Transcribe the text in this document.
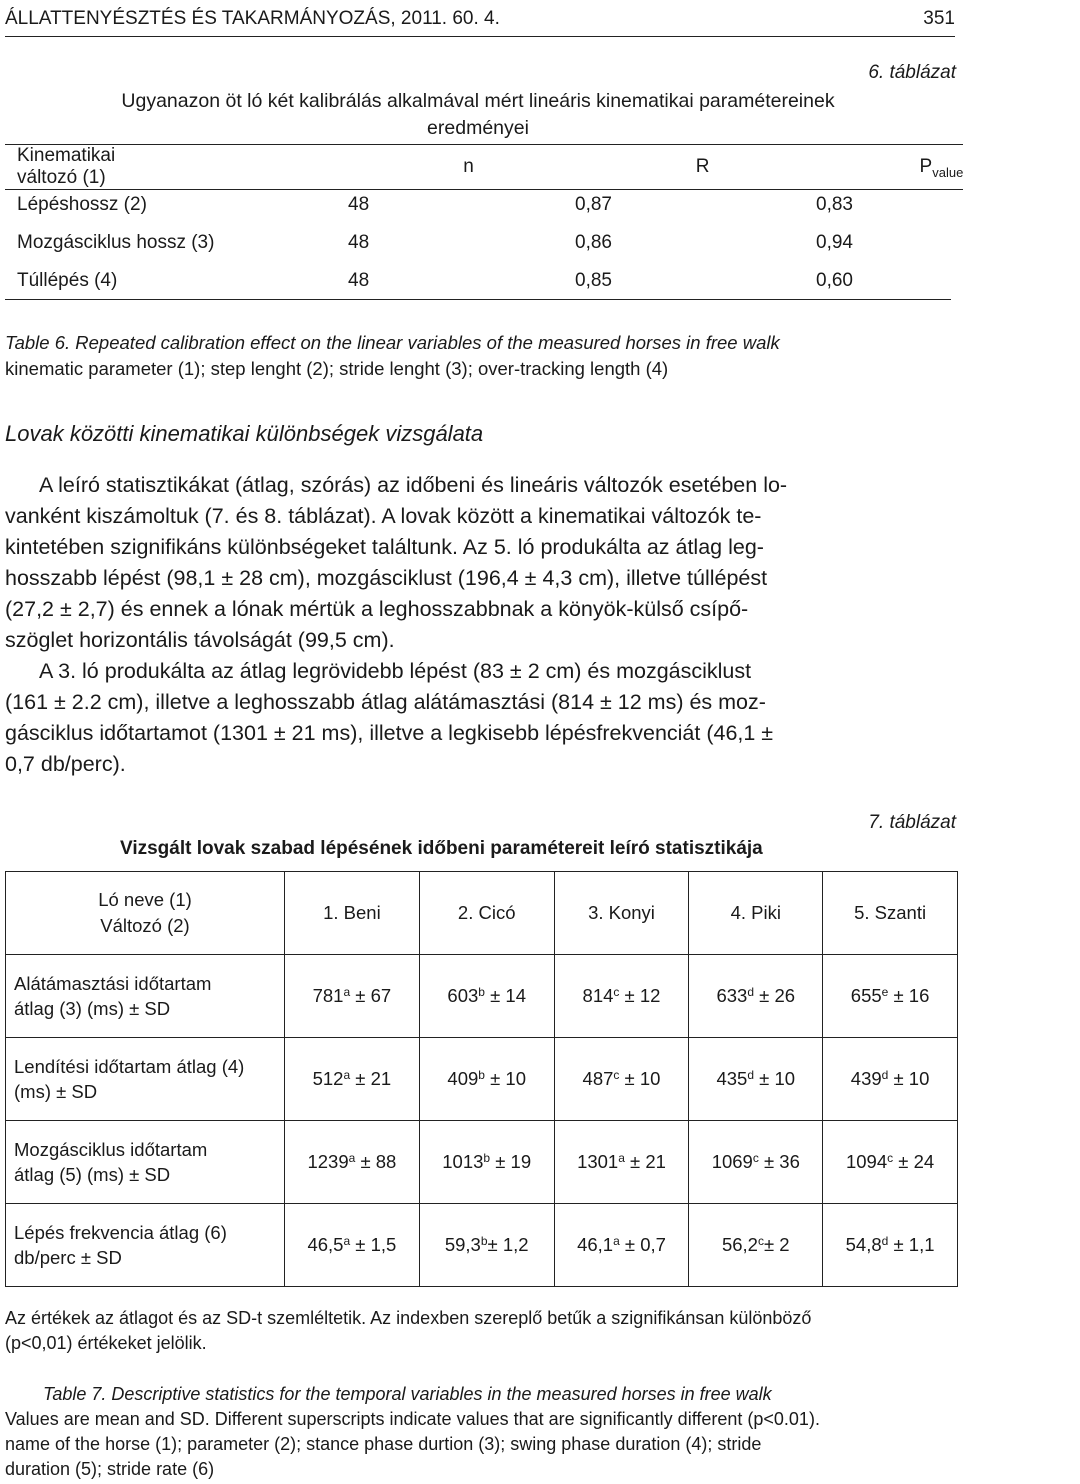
ÁLLATTENYÉSZTÉS ÉS TAKARMÁNYOZÁS, 2011. 60. 4.	351
6. táblázat
Ugyanazon öt ló két kalibrálás alkalmával mért lineáris kinematikai paramétereinek
eredményei
Kinematikai változó (1)	n	R	$P_{value}$
Lépéshossz (2)	48	0,87	0,83
Mozgásciklus hossz (3)	48	0,86	0,94
Túllépés (4)	48	0,85	0,60
Table 6. Repeated calibration effect on the linear variables of the measured horses in free walk
kinematic parameter (1); step lenght (2); stride lenght (3); over-tracking length (4)
Lovak közötti kinematikai különbségek vizsgálata
A leíró statisztikákat (átlag, szórás) az időbeni és lineáris változók esetében lo-
vanként kiszámoltuk (7. és 8. táblázat). A lovak között a kinematikai változók te-
kintetében szignifikáns különbségeket találtunk. Az 5. ló produkálta az átlag leg-
hosszabb lépést (98,1 ± 28 cm), mozgásciklust (196,4 ± 4,3 cm), illetve túllépést
(27,2 ± 2,7) és ennek a lónak mértük a leghosszabbnak a könyök-külső csípő-
szöglet horizontális távolságát (99,5 cm).
A 3. ló produkálta az átlag legrövidebb lépést (83 ± 2 cm) és mozgásciklust
(161 ± 2.2 cm), illetve a leghosszabb átlag alátámasztási (814 ± 12 ms) és moz-
gásciklus időtartamot (1301 ± 21 ms), illetve a legkisebb lépésfrekvenciát (46,1 ±
0,7 db/perc).
7. táblázat
Vizsgált lovak szabad lépésének időbeni paramétereit leíró statisztikája
Ló neve (1)
Változó (2)	1. Beni	2. Cicó	3. Konyi	4. Piki	5. Szanti

Alátámasztási időtartam
átlag (3) (ms) ± SD	$781^a \pm 67$	$603^b \pm 14$	$814^c \pm 12$	$633^d \pm 26$	$655^e \pm 16$

Lendítési időtartam átlag (4)
(ms) ± SD	$512^a \pm 21$	$409^b \pm 10$	$487^c \pm 10$	$435^d \pm 10$	$439^d \pm 10$

Mozgásciklus időtartam
átlag (5) (ms) ± SD	$1239^a \pm 88$	$1013^b \pm 19$	$1301^a \pm 21$	$1069^c \pm 36$	$1094^c \pm 24$

Lépés frekvencia átlag (6)
db/perc ± SD	46,5$^a$ ± 1,5	59,3$^b$± 1,2	46,1$^a$ ± 0,7	56,2$^c$± 2	54,8$^d$ ± 1,1
Az értékek az átlagot és az SD-t szemléltetik. Az indexben szereplő betűk a szignifikánsan különböző
(p<0,01) értékeket jelölik.
Table 7. Descriptive statistics for the temporal variables in the measured horses in free walk
Values are mean and SD. Different superscripts indicate values that are significantly different (p<0.01).
name of the horse (1); parameter (2); stance phase durtion (3); swing phase duration (4); stride
duration (5); stride rate (6)
